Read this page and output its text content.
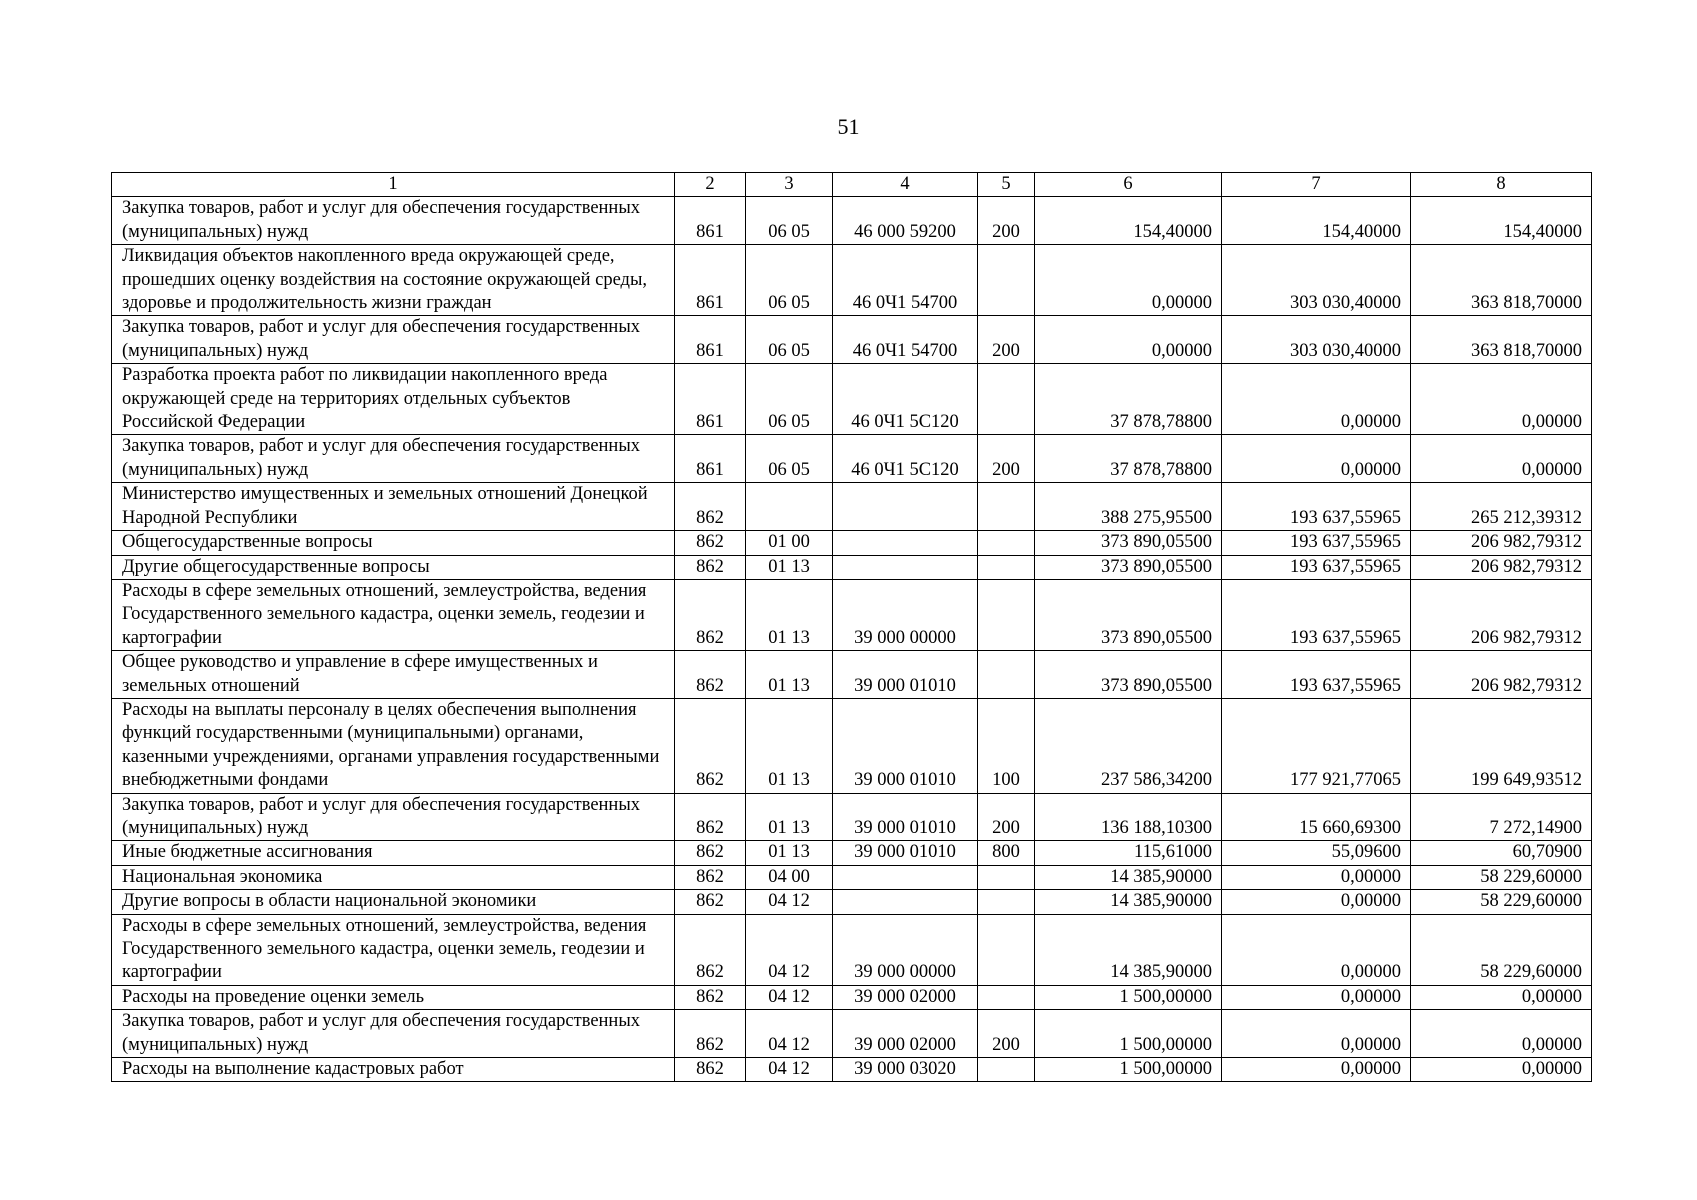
51
1	2	3	4	5	6	7	8
Закупка товаров, работ и услуг для обеспечения государственных (муниципальных) нужд	861	06 05	46 000 59200	200	154,40000	154,40000	154,40000
Ликвидация объектов накопленного вреда окружающей среде, прошедших оценку воздействия на состояние окружающей среды, здоровье и продолжительность жизни граждан	861	06 05	46 0Ч1 54700		0,00000	303 030,40000	363 818,70000
Закупка товаров, работ и услуг для обеспечения государственных (муниципальных) нужд	861	06 05	46 0Ч1 54700	200	0,00000	303 030,40000	363 818,70000
Разработка проекта работ по ликвидации накопленного вреда окружающей среде на территориях отдельных субъектов Российской Федерации	861	06 05	46 0Ч1 5С120		37 878,78800	0,00000	0,00000
Закупка товаров, работ и услуг для обеспечения государственных (муниципальных) нужд	861	06 05	46 0Ч1 5С120	200	37 878,78800	0,00000	0,00000
Министерство имущественных и земельных отношений Донецкой Народной Республики	862				388 275,95500	193 637,55965	265 212,39312
Общегосударственные вопросы	862	01 00			373 890,05500	193 637,55965	206 982,79312
Другие общегосударственные вопросы	862	01 13			373 890,05500	193 637,55965	206 982,79312
Расходы в сфере земельных отношений, землеустройства, ведения Государственного земельного кадастра, оценки земель, геодезии и картографии	862	01 13	39 000 00000		373 890,05500	193 637,55965	206 982,79312
Общее руководство и управление в сфере имущественных и земельных отношений	862	01 13	39 000 01010		373 890,05500	193 637,55965	206 982,79312
Расходы на выплаты персоналу в целях обеспечения выполнения функций государственными (муниципальными) органами, казенными учреждениями, органами управления государственными внебюджетными фондами	862	01 13	39 000 01010	100	237 586,34200	177 921,77065	199 649,93512
Закупка товаров, работ и услуг для обеспечения государственных (муниципальных) нужд	862	01 13	39 000 01010	200	136 188,10300	15 660,69300	7 272,14900
Иные бюджетные ассигнования	862	01 13	39 000 01010	800	115,61000	55,09600	60,70900
Национальная экономика	862	04 00			14 385,90000	0,00000	58 229,60000
Другие вопросы в области национальной экономики	862	04 12			14 385,90000	0,00000	58 229,60000
Расходы в сфере земельных отношений, землеустройства, ведения Государственного земельного кадастра, оценки земель, геодезии и картографии	862	04 12	39 000 00000		14 385,90000	0,00000	58 229,60000
Расходы на проведение оценки земель	862	04 12	39 000 02000		1 500,00000	0,00000	0,00000
Закупка товаров, работ и услуг для обеспечения государственных (муниципальных) нужд	862	04 12	39 000 02000	200	1 500,00000	0,00000	0,00000
Расходы на выполнение кадастровых работ	862	04 12	39 000 03020		1 500,00000	0,00000	0,00000
